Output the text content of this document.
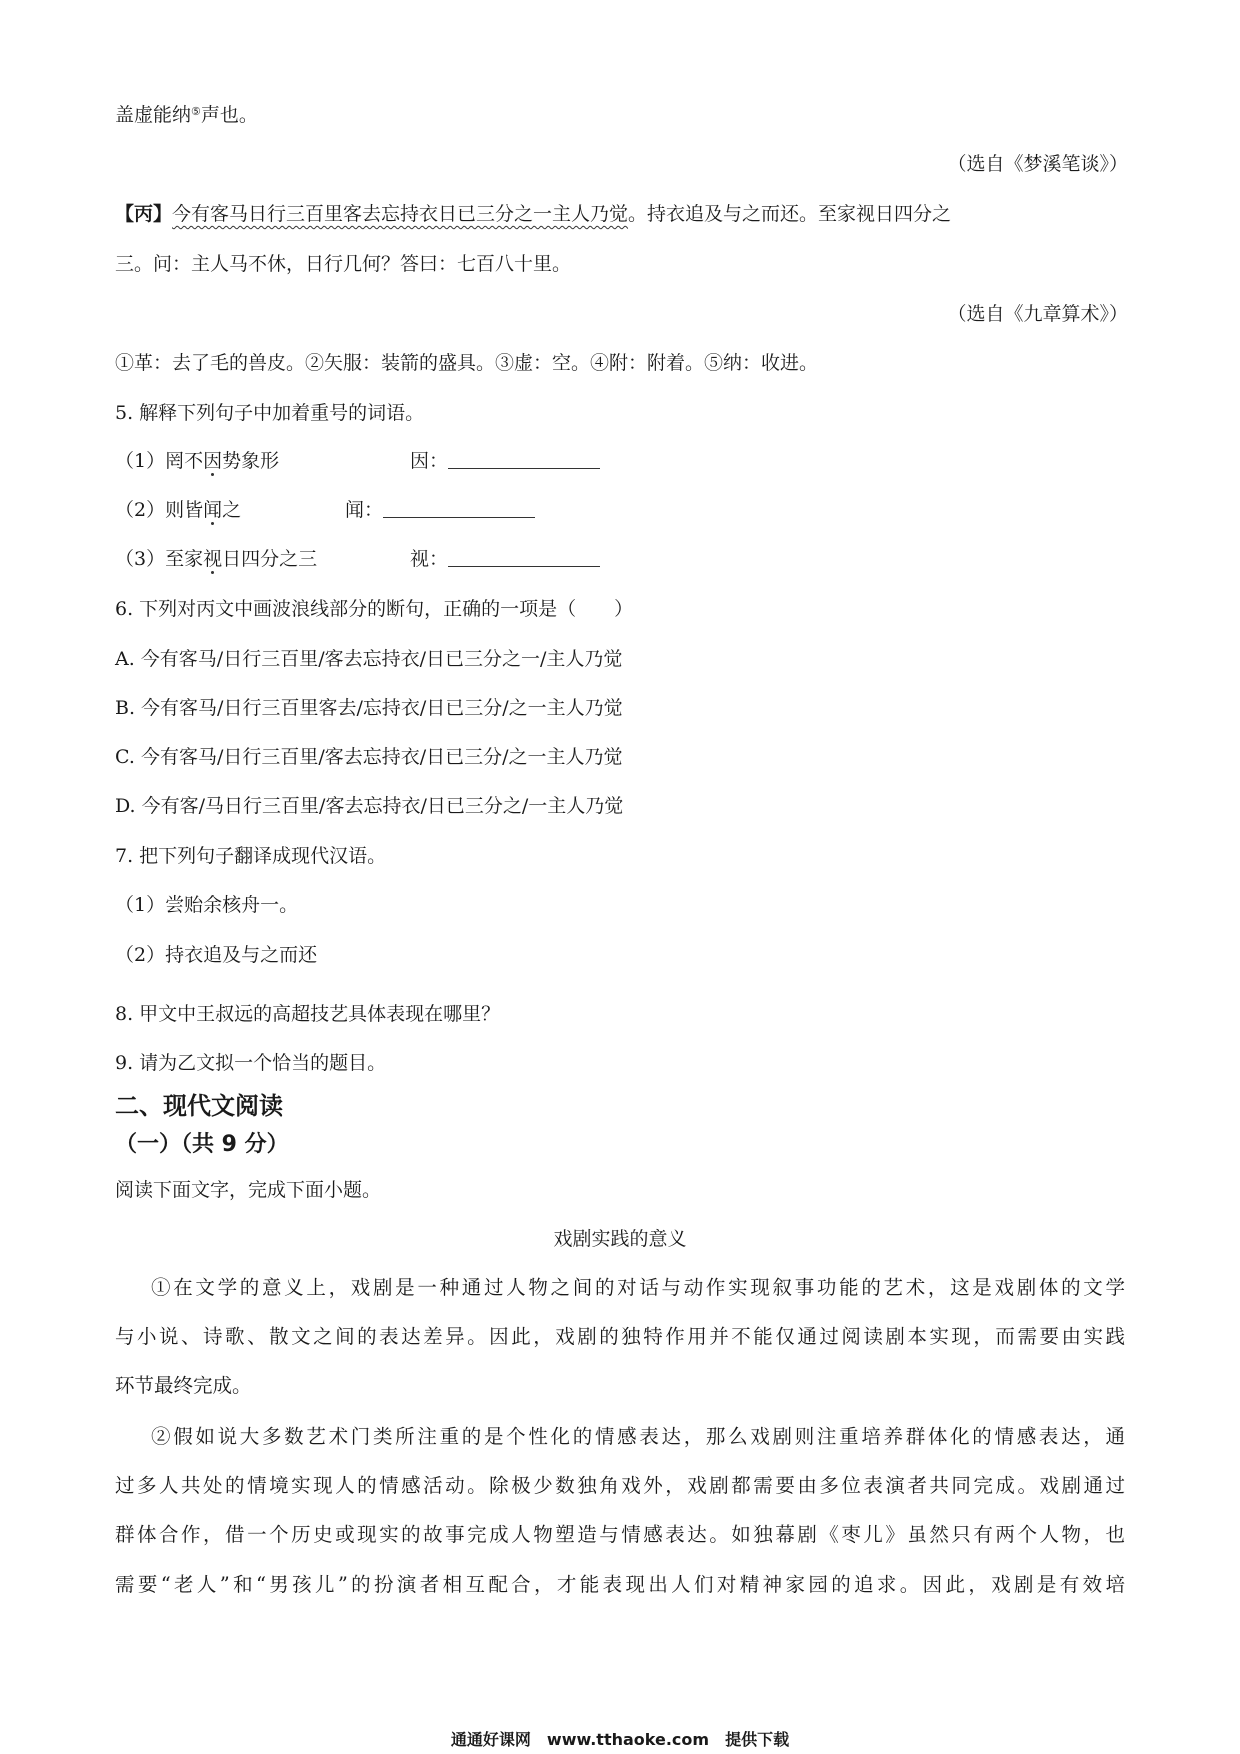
盖虚能纳⑤声也。
（选自《梦溪笔谈》）
【丙】今有客马日行三百里客去忘持衣日已三分之一主人乃觉。持衣追及与之而还。至家视日四分之
三。问：主人马不休，日行几何？答曰：七百八十里。
（选自《九章算术》）
①革：去了毛的兽皮。②矢服：装箭的盛具。③虚：空。④附：附着。⑤纳：收进。
5. 解释下列句子中加着重号的词语。
（1）罔不因势象形	因：
（2）则皆闻之	闻：
（3）至家视日四分之三	视：
6. 下列对丙文中画波浪线部分的断句，正确的一项是（　　）
A. 今有客马/日行三百里/客去忘持衣/日已三分之一/主人乃觉
B. 今有客马/日行三百里客去/忘持衣/日已三分/之一主人乃觉
C. 今有客马/日行三百里/客去忘持衣/日已三分/之一主人乃觉
D. 今有客/马日行三百里/客去忘持衣/日已三分之/一主人乃觉
7. 把下列句子翻译成现代汉语。
（1）尝贻余核舟一。
（2）持衣追及与之而还
8. 甲文中王叔远的高超技艺具体表现在哪里？
9. 请为乙文拟一个恰当的题目。
二、现代文阅读
（一）（共 9 分）
阅读下面文字，完成下面小题。
戏剧实践的意义
①在文学的意义上，戏剧是一种通过人物之间的对话与动作实现叙事功能的艺术，这是戏剧体的文学
与小说、诗歌、散文之间的表达差异。因此，戏剧的独特作用并不能仅通过阅读剧本实现，而需要由实践
环节最终完成。
②假如说大多数艺术门类所注重的是个性化的情感表达，那么戏剧则注重培养群体化的情感表达，通
过多人共处的情境实现人的情感活动。除极少数独角戏外，戏剧都需要由多位表演者共同完成。戏剧通过
群体合作，借一个历史或现实的故事完成人物塑造与情感表达。如独幕剧《枣儿》虽然只有两个人物，也
需要“老人”和“男孩儿”的扮演者相互配合，才能表现出人们对精神家园的追求。因此，戏剧是有效培
通通好课网　www.tthaoke.com　提供下载
